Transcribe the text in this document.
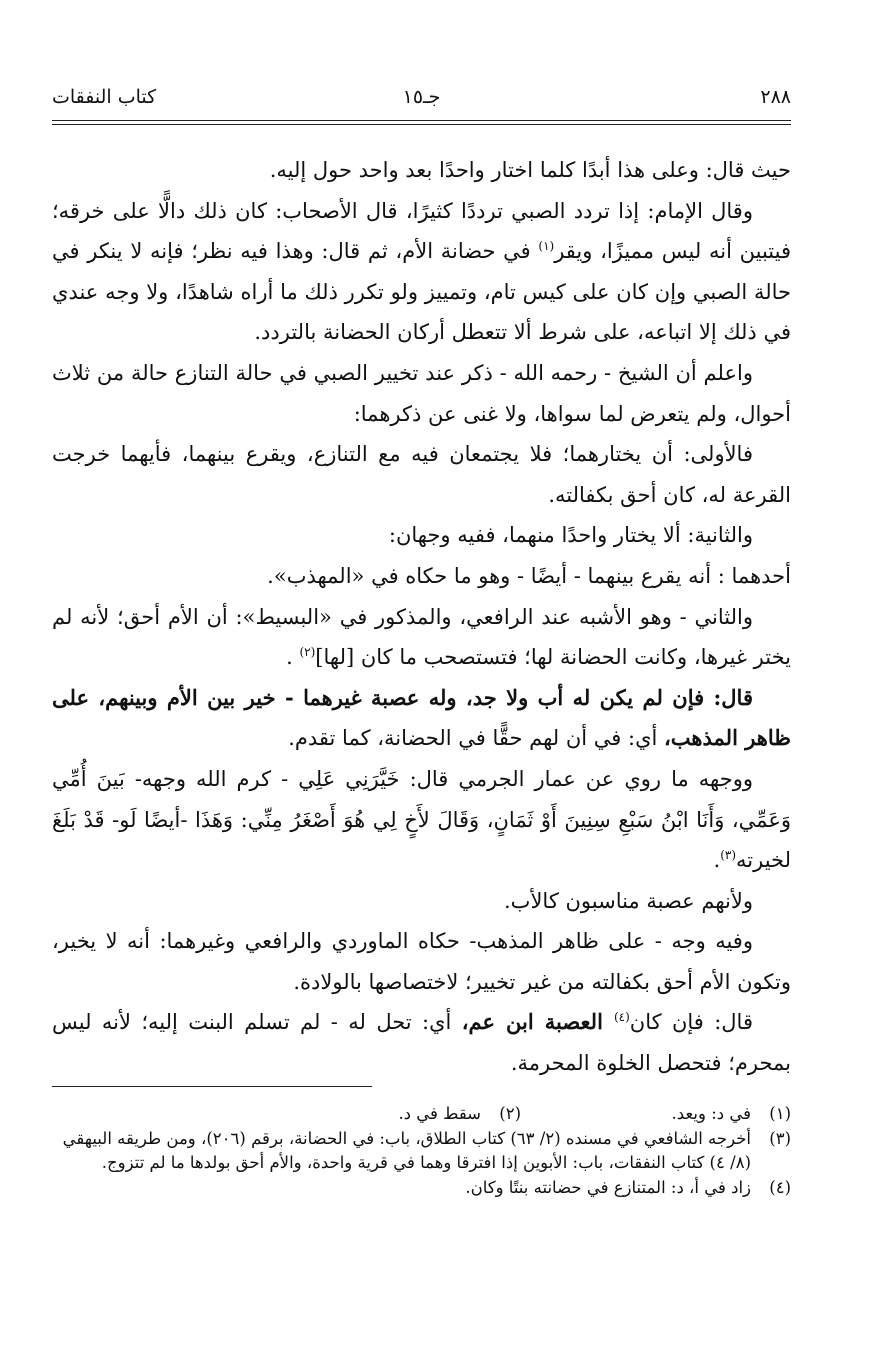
٢٨٨
جـ١٥
كتاب النفقات

حيث قال: وعلى هذا أبدًا كلما اختار واحدًا بعد واحد حول إليه.

وقال الإمام: إذا تردد الصبي ترددًا كثيرًا، قال الأصحاب: كان ذلك دالًّا على خرقه؛ فيتبين أنه ليس مميزًا، ويقر$^{(١)}$ في حضانة الأم، ثم قال: وهذا فيه نظر؛ فإنه لا ينكر في حالة الصبي وإن كان على كيس تام، وتمييز ولو تكرر ذلك ما أراه شاهدًا، ولا وجه عندي في ذلك إلا اتباعه، على شرط ألا تتعطل أركان الحضانة بالتردد.

واعلم أن الشيخ - رحمه الله - ذكر عند تخيير الصبي في حالة التنازع حالة من ثلاث أحوال، ولم يتعرض لما سواها، ولا غنى عن ذكرهما:

فالأولى: أن يختارهما؛ فلا يجتمعان فيه مع التنازع، ويقرع بينهما، فأيهما خرجت القرعة له، كان أحق بكفالته.

والثانية: ألا يختار واحدًا منهما، ففيه وجهان:

أحدهما : أنه يقرع بينهما - أيضًا - وهو ما حكاه في «المهذب».

والثاني - وهو الأشبه عند الرافعي، والمذكور في «البسيط»: أن الأم أحق؛ لأنه لم يختر غيرها، وكانت الحضانة لها؛ فتستصحب ما كان [لها]$^{(٢)}$ .

قال: فإن لم يكن له أب ولا جد، وله عصبة غيرهما - خير بين الأم وبينهم، على ظاهر المذهب، أي: في أن لهم حقًّا في الحضانة، كما تقدم.

ووجهه ما روي عن عمار الجرمي قال: خَيَّرَنِي عَلِي - كرم الله وجهه- بَينَ أُمِّي وَعَمِّي، وَأَنَا ابْنُ سَبْعِ سِنِينَ أَوْ ثَمَانٍ، وَقَالَ لأَخٍ لِي هُوَ أَصْغَرُ مِنِّي: وَهَذَا -أيضًا لَو- قَدْ بَلَغَ لخيرته$^{(٣)}$.

ولأنهم عصبة مناسبون كالأب.

وفيه وجه - على ظاهر المذهب- حكاه الماوردي والرافعي وغيرهما: أنه لا يخير، وتكون الأم أحق بكفالته من غير تخيير؛ لاختصاصها بالولادة.

قال: فإن كان$^{(٤)}$ العصبة ابن عم، أي: تحل له - لم تسلم البنت إليه؛ لأنه ليس بمحرم؛ فتحصل الخلوة المحرمة.

(١)
في د: ويعد.
(٢)
سقط في د.
(٣)
أخرجه الشافعي في مسنده (٢/ ٦٣) كتاب الطلاق، باب: في الحضانة، برقم (٢٠٦)، ومن طريقه البيهقي (٨/ ٤) كتاب النفقات، باب: الأبوين إذا افترقا وهما في قرية واحدة، والأم أحق بولدها ما لم تتزوج.
(٤)
زاد في أ، د: المتنازع في حضانته بنتًا وكان.
